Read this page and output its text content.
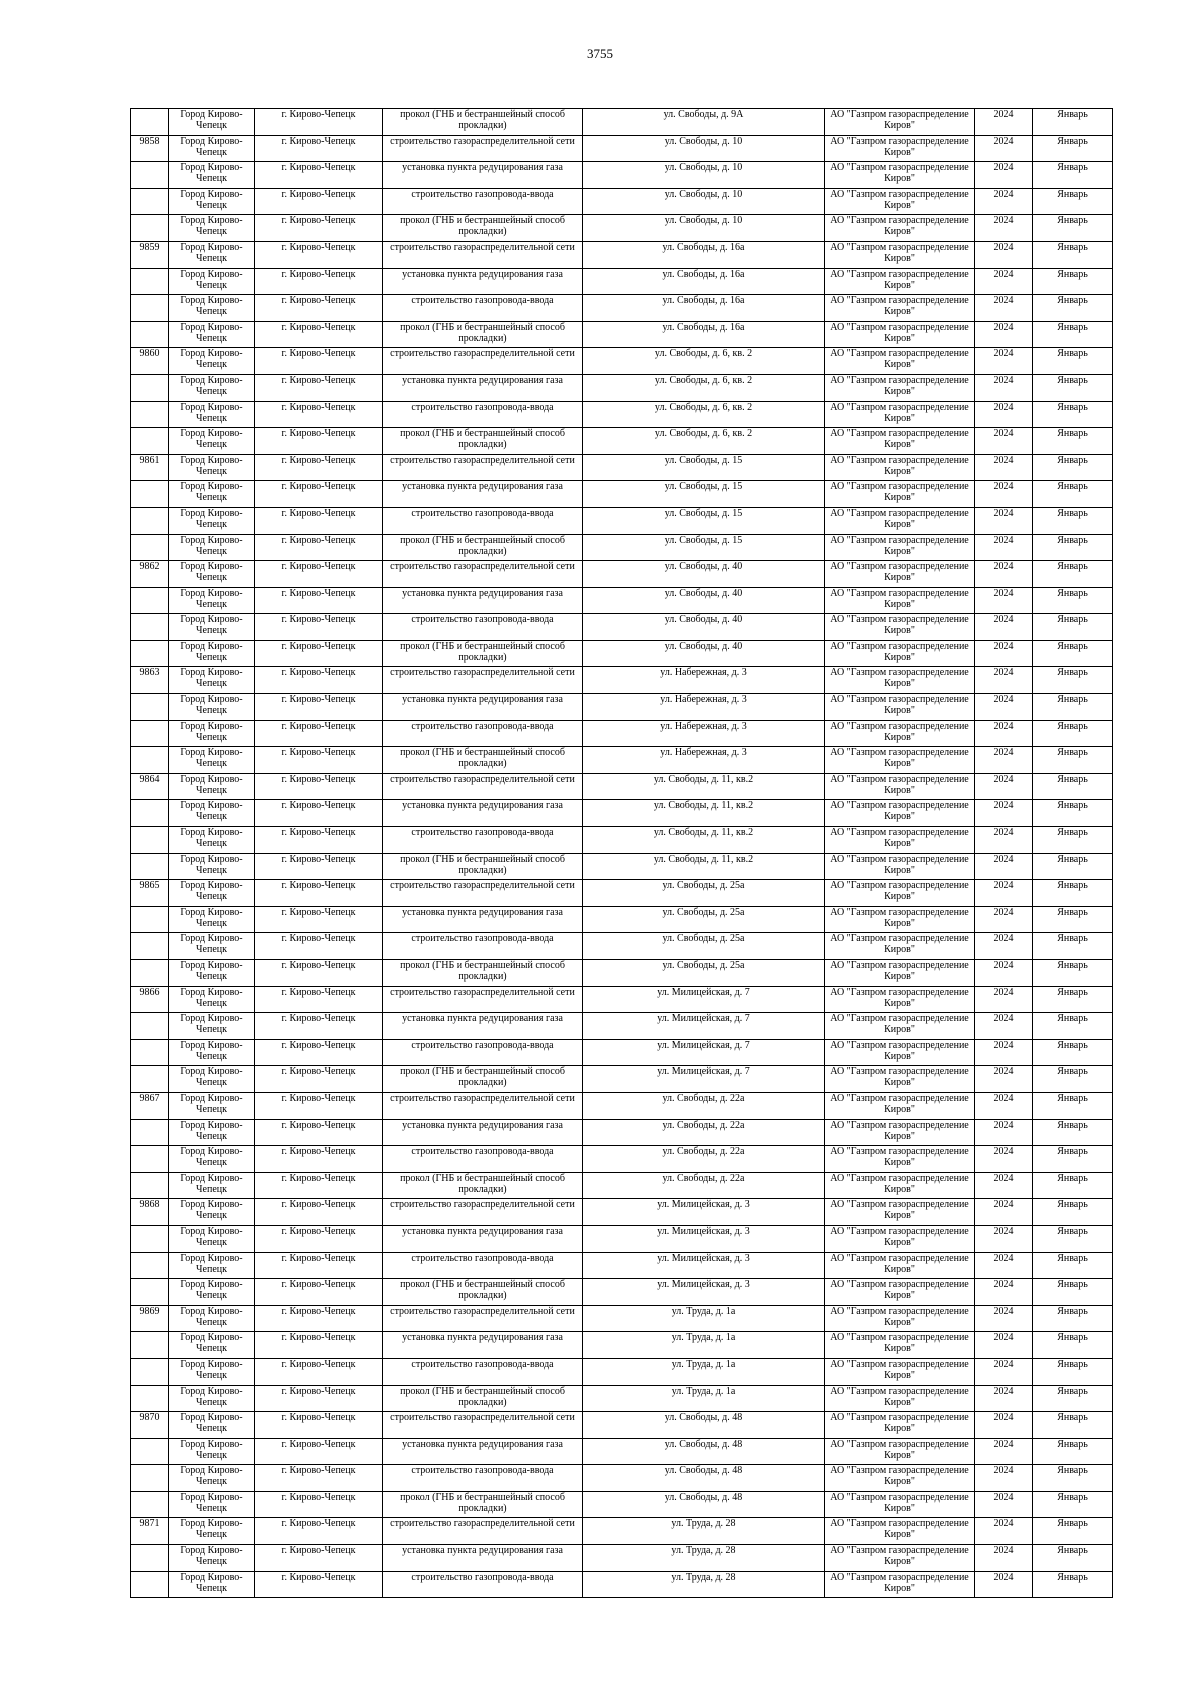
3755
	Город Кирово-Чепецк	г. Кирово-Чепецк	прокол (ГНБ и бестраншейный способ прокладки)	ул. Свободы, д. 9А	АО "Газпром газораспределение Киров"	2024	Январь
9858	Город Кирово-Чепецк	г. Кирово-Чепецк	строительство газораспределительной сети	ул. Свободы, д. 10	АО "Газпром газораспределение Киров"	2024	Январь
	Город Кирово-Чепецк	г. Кирово-Чепецк	установка пункта редуцирования газа	ул. Свободы, д. 10	АО "Газпром газораспределение Киров"	2024	Январь
	Город Кирово-Чепецк	г. Кирово-Чепецк	строительство газопровода-ввода	ул. Свободы, д. 10	АО "Газпром газораспределение Киров"	2024	Январь
	Город Кирово-Чепецк	г. Кирово-Чепецк	прокол (ГНБ и бестраншейный способ прокладки)	ул. Свободы, д. 10	АО "Газпром газораспределение Киров"	2024	Январь
9859	Город Кирово-Чепецк	г. Кирово-Чепецк	строительство газораспределительной сети	ул. Свободы, д. 16а	АО "Газпром газораспределение Киров"	2024	Январь
	Город Кирово-Чепецк	г. Кирово-Чепецк	установка пункта редуцирования газа	ул. Свободы, д. 16а	АО "Газпром газораспределение Киров"	2024	Январь
	Город Кирово-Чепецк	г. Кирово-Чепецк	строительство газопровода-ввода	ул. Свободы, д. 16а	АО "Газпром газораспределение Киров"	2024	Январь
	Город Кирово-Чепецк	г. Кирово-Чепецк	прокол (ГНБ и бестраншейный способ прокладки)	ул. Свободы, д. 16а	АО "Газпром газораспределение Киров"	2024	Январь
9860	Город Кирово-Чепецк	г. Кирово-Чепецк	строительство газораспределительной сети	ул. Свободы, д. 6, кв. 2	АО "Газпром газораспределение Киров"	2024	Январь
	Город Кирово-Чепецк	г. Кирово-Чепецк	установка пункта редуцирования газа	ул. Свободы, д. 6, кв. 2	АО "Газпром газораспределение Киров"	2024	Январь
	Город Кирово-Чепецк	г. Кирово-Чепецк	строительство газопровода-ввода	ул. Свободы, д. 6, кв. 2	АО "Газпром газораспределение Киров"	2024	Январь
	Город Кирово-Чепецк	г. Кирово-Чепецк	прокол (ГНБ и бестраншейный способ прокладки)	ул. Свободы, д. 6, кв. 2	АО "Газпром газораспределение Киров"	2024	Январь
9861	Город Кирово-Чепецк	г. Кирово-Чепецк	строительство газораспределительной сети	ул. Свободы, д. 15	АО "Газпром газораспределение Киров"	2024	Январь
	Город Кирово-Чепецк	г. Кирово-Чепецк	установка пункта редуцирования газа	ул. Свободы, д. 15	АО "Газпром газораспределение Киров"	2024	Январь
	Город Кирово-Чепецк	г. Кирово-Чепецк	строительство газопровода-ввода	ул. Свободы, д. 15	АО "Газпром газораспределение Киров"	2024	Январь
	Город Кирово-Чепецк	г. Кирово-Чепецк	прокол (ГНБ и бестраншейный способ прокладки)	ул. Свободы, д. 15	АО "Газпром газораспределение Киров"	2024	Январь
9862	Город Кирово-Чепецк	г. Кирово-Чепецк	строительство газораспределительной сети	ул. Свободы, д. 40	АО "Газпром газораспределение Киров"	2024	Январь
	Город Кирово-Чепецк	г. Кирово-Чепецк	установка пункта редуцирования газа	ул. Свободы, д. 40	АО "Газпром газораспределение Киров"	2024	Январь
	Город Кирово-Чепецк	г. Кирово-Чепецк	строительство газопровода-ввода	ул. Свободы, д. 40	АО "Газпром газораспределение Киров"	2024	Январь
	Город Кирово-Чепецк	г. Кирово-Чепецк	прокол (ГНБ и бестраншейный способ прокладки)	ул. Свободы, д. 40	АО "Газпром газораспределение Киров"	2024	Январь
9863	Город Кирово-Чепецк	г. Кирово-Чепецк	строительство газораспределительной сети	ул. Набережная, д. 3	АО "Газпром газораспределение Киров"	2024	Январь
	Город Кирово-Чепецк	г. Кирово-Чепецк	установка пункта редуцирования газа	ул. Набережная, д. 3	АО "Газпром газораспределение Киров"	2024	Январь
	Город Кирово-Чепецк	г. Кирово-Чепецк	строительство газопровода-ввода	ул. Набережная, д. 3	АО "Газпром газораспределение Киров"	2024	Январь
	Город Кирово-Чепецк	г. Кирово-Чепецк	прокол (ГНБ и бестраншейный способ прокладки)	ул. Набережная, д. 3	АО "Газпром газораспределение Киров"	2024	Январь
9864	Город Кирово-Чепецк	г. Кирово-Чепецк	строительство газораспределительной сети	ул. Свободы, д. 11, кв.2	АО "Газпром газораспределение Киров"	2024	Январь
	Город Кирово-Чепецк	г. Кирово-Чепецк	установка пункта редуцирования газа	ул. Свободы, д. 11, кв.2	АО "Газпром газораспределение Киров"	2024	Январь
	Город Кирово-Чепецк	г. Кирово-Чепецк	строительство газопровода-ввода	ул. Свободы, д. 11, кв.2	АО "Газпром газораспределение Киров"	2024	Январь
	Город Кирово-Чепецк	г. Кирово-Чепецк	прокол (ГНБ и бестраншейный способ прокладки)	ул. Свободы, д. 11, кв.2	АО "Газпром газораспределение Киров"	2024	Январь
9865	Город Кирово-Чепецк	г. Кирово-Чепецк	строительство газораспределительной сети	ул. Свободы, д. 25а	АО "Газпром газораспределение Киров"	2024	Январь
	Город Кирово-Чепецк	г. Кирово-Чепецк	установка пункта редуцирования газа	ул. Свободы, д. 25а	АО "Газпром газораспределение Киров"	2024	Январь
	Город Кирово-Чепецк	г. Кирово-Чепецк	строительство газопровода-ввода	ул. Свободы, д. 25а	АО "Газпром газораспределение Киров"	2024	Январь
	Город Кирово-Чепецк	г. Кирово-Чепецк	прокол (ГНБ и бестраншейный способ прокладки)	ул. Свободы, д. 25а	АО "Газпром газораспределение Киров"	2024	Январь
9866	Город Кирово-Чепецк	г. Кирово-Чепецк	строительство газораспределительной сети	ул. Милицейская, д. 7	АО "Газпром газораспределение Киров"	2024	Январь
	Город Кирово-Чепецк	г. Кирово-Чепецк	установка пункта редуцирования газа	ул. Милицейская, д. 7	АО "Газпром газораспределение Киров"	2024	Январь
	Город Кирово-Чепецк	г. Кирово-Чепецк	строительство газопровода-ввода	ул. Милицейская, д. 7	АО "Газпром газораспределение Киров"	2024	Январь
	Город Кирово-Чепецк	г. Кирово-Чепецк	прокол (ГНБ и бестраншейный способ прокладки)	ул. Милицейская, д. 7	АО "Газпром газораспределение Киров"	2024	Январь
9867	Город Кирово-Чепецк	г. Кирово-Чепецк	строительство газораспределительной сети	ул. Свободы, д. 22а	АО "Газпром газораспределение Киров"	2024	Январь
	Город Кирово-Чепецк	г. Кирово-Чепецк	установка пункта редуцирования газа	ул. Свободы, д. 22а	АО "Газпром газораспределение Киров"	2024	Январь
	Город Кирово-Чепецк	г. Кирово-Чепецк	строительство газопровода-ввода	ул. Свободы, д. 22а	АО "Газпром газораспределение Киров"	2024	Январь
	Город Кирово-Чепецк	г. Кирово-Чепецк	прокол (ГНБ и бестраншейный способ прокладки)	ул. Свободы, д. 22а	АО "Газпром газораспределение Киров"	2024	Январь
9868	Город Кирово-Чепецк	г. Кирово-Чепецк	строительство газораспределительной сети	ул. Милицейская, д. 3	АО "Газпром газораспределение Киров"	2024	Январь
	Город Кирово-Чепецк	г. Кирово-Чепецк	установка пункта редуцирования газа	ул. Милицейская, д. 3	АО "Газпром газораспределение Киров"	2024	Январь
	Город Кирово-Чепецк	г. Кирово-Чепецк	строительство газопровода-ввода	ул. Милицейская, д. 3	АО "Газпром газораспределение Киров"	2024	Январь
	Город Кирово-Чепецк	г. Кирово-Чепецк	прокол (ГНБ и бестраншейный способ прокладки)	ул. Милицейская, д. 3	АО "Газпром газораспределение Киров"	2024	Январь
9869	Город Кирово-Чепецк	г. Кирово-Чепецк	строительство газораспределительной сети	ул. Труда, д. 1а	АО "Газпром газораспределение Киров"	2024	Январь
	Город Кирово-Чепецк	г. Кирово-Чепецк	установка пункта редуцирования газа	ул. Труда, д. 1а	АО "Газпром газораспределение Киров"	2024	Январь
	Город Кирово-Чепецк	г. Кирово-Чепецк	строительство газопровода-ввода	ул. Труда, д. 1а	АО "Газпром газораспределение Киров"	2024	Январь
	Город Кирово-Чепецк	г. Кирово-Чепецк	прокол (ГНБ и бестраншейный способ прокладки)	ул. Труда, д. 1а	АО "Газпром газораспределение Киров"	2024	Январь
9870	Город Кирово-Чепецк	г. Кирово-Чепецк	строительство газораспределительной сети	ул. Свободы, д. 48	АО "Газпром газораспределение Киров"	2024	Январь
	Город Кирово-Чепецк	г. Кирово-Чепецк	установка пункта редуцирования газа	ул. Свободы, д. 48	АО "Газпром газораспределение Киров"	2024	Январь
	Город Кирово-Чепецк	г. Кирово-Чепецк	строительство газопровода-ввода	ул. Свободы, д. 48	АО "Газпром газораспределение Киров"	2024	Январь
	Город Кирово-Чепецк	г. Кирово-Чепецк	прокол (ГНБ и бестраншейный способ прокладки)	ул. Свободы, д. 48	АО "Газпром газораспределение Киров"	2024	Январь
9871	Город Кирово-Чепецк	г. Кирово-Чепецк	строительство газораспределительной сети	ул. Труда, д. 28	АО "Газпром газораспределение Киров"	2024	Январь
	Город Кирово-Чепецк	г. Кирово-Чепецк	установка пункта редуцирования газа	ул. Труда, д. 28	АО "Газпром газораспределение Киров"	2024	Январь
	Город Кирово-Чепецк	г. Кирово-Чепецк	строительство газопровода-ввода	ул. Труда, д. 28	АО "Газпром газораспределение Киров"	2024	Январь
